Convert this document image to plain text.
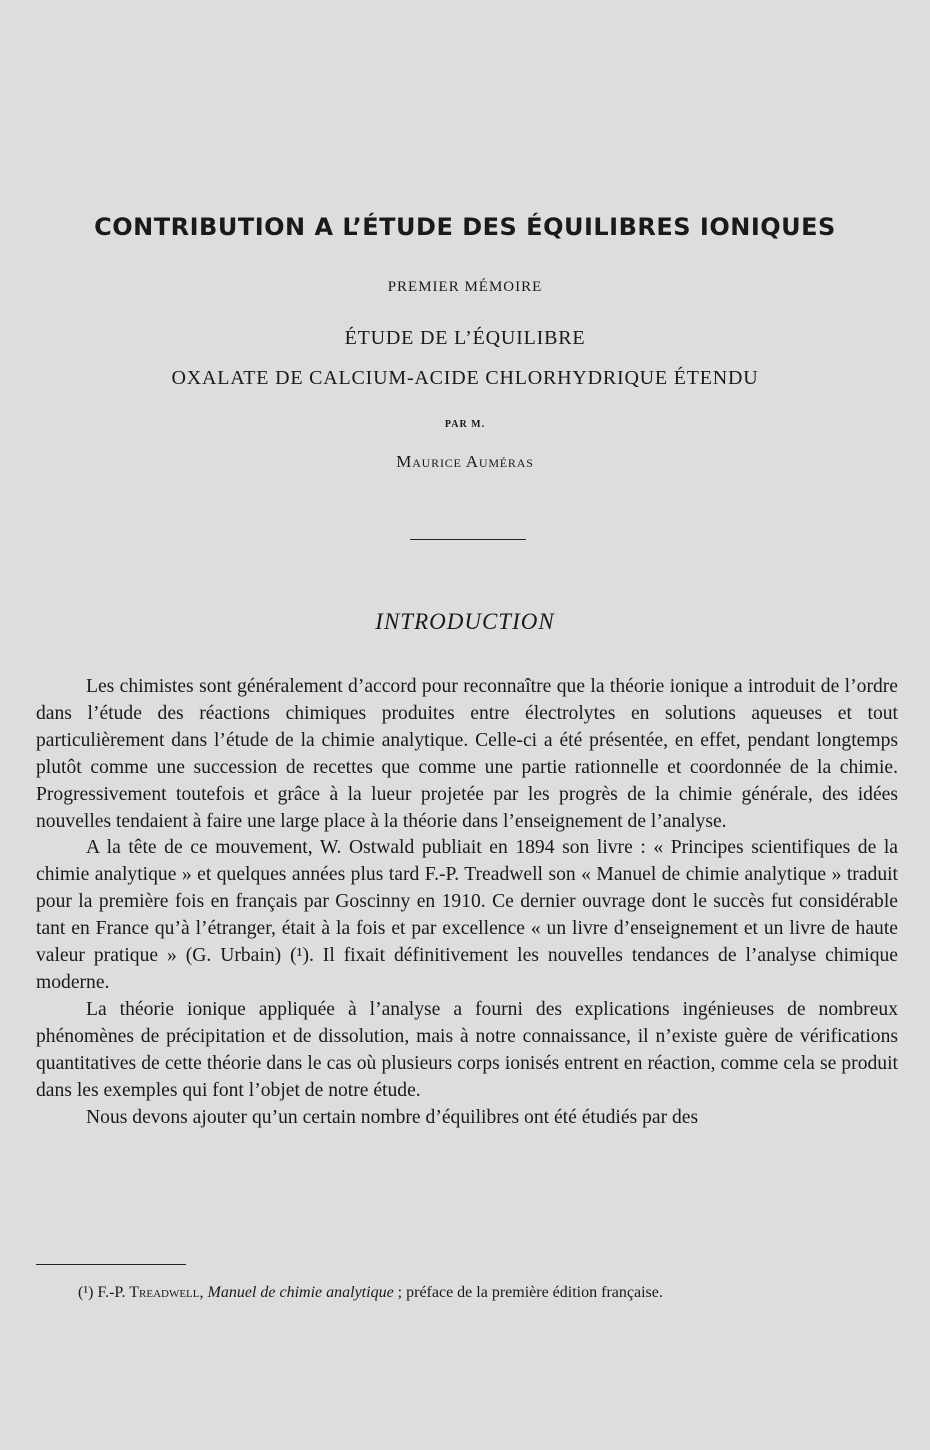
CONTRIBUTION A L’ÉTUDE DES ÉQUILIBRES IONIQUES
PREMIER MÉMOIRE
ÉTUDE DE L’ÉQUILIBRE
OXALATE DE CALCIUM-ACIDE CHLORHYDRIQUE ÉTENDU
PAR M.
Maurice Auméras
INTRODUCTION

Les chimistes sont généralement d’accord pour reconnaître que la théorie ionique a introduit de l’ordre dans l’étude des réactions chimiques produites entre électrolytes en solutions aqueuses et tout particulièrement dans l’étude de la chimie analytique. Celle-ci a été présentée, en effet, pendant longtemps plutôt comme une succession de recettes que comme une partie rationnelle et coordonnée de la chimie. Progressivement toutefois et grâce à la lueur projetée par les progrès de la chimie générale, des idées nouvelles tendaient à faire une large place à la théorie dans l’enseignement de l’analyse.

A la tête de ce mouvement, W. Ostwald publiait en 1894 son livre : « Principes scientifiques de la chimie analytique » et quelques années plus tard F.-P. Treadwell son « Manuel de chimie analytique » traduit pour la première fois en français par Goscinny en 1910. Ce dernier ouvrage dont le succès fut considérable tant en France qu’à l’étranger, était à la fois et par excellence « un livre d’enseignement et un livre de haute valeur pratique » (G. Urbain) (¹). Il fixait définitivement les nouvelles tendances de l’analyse chimique moderne.

La théorie ionique appliquée à l’analyse a fourni des explications ingénieuses de nombreux phénomènes de précipitation et de dissolution, mais à notre connaissance, il n’existe guère de vérifications quantitatives de cette théorie dans le cas où plusieurs corps ionisés entrent en réaction, comme cela se produit dans les exemples qui font l’objet de notre étude.

Nous devons ajouter qu’un certain nombre d’équilibres ont été étudiés par des

(¹) F.-P. Treadwell, Manuel de chimie analytique ; préface de la première édition française.
